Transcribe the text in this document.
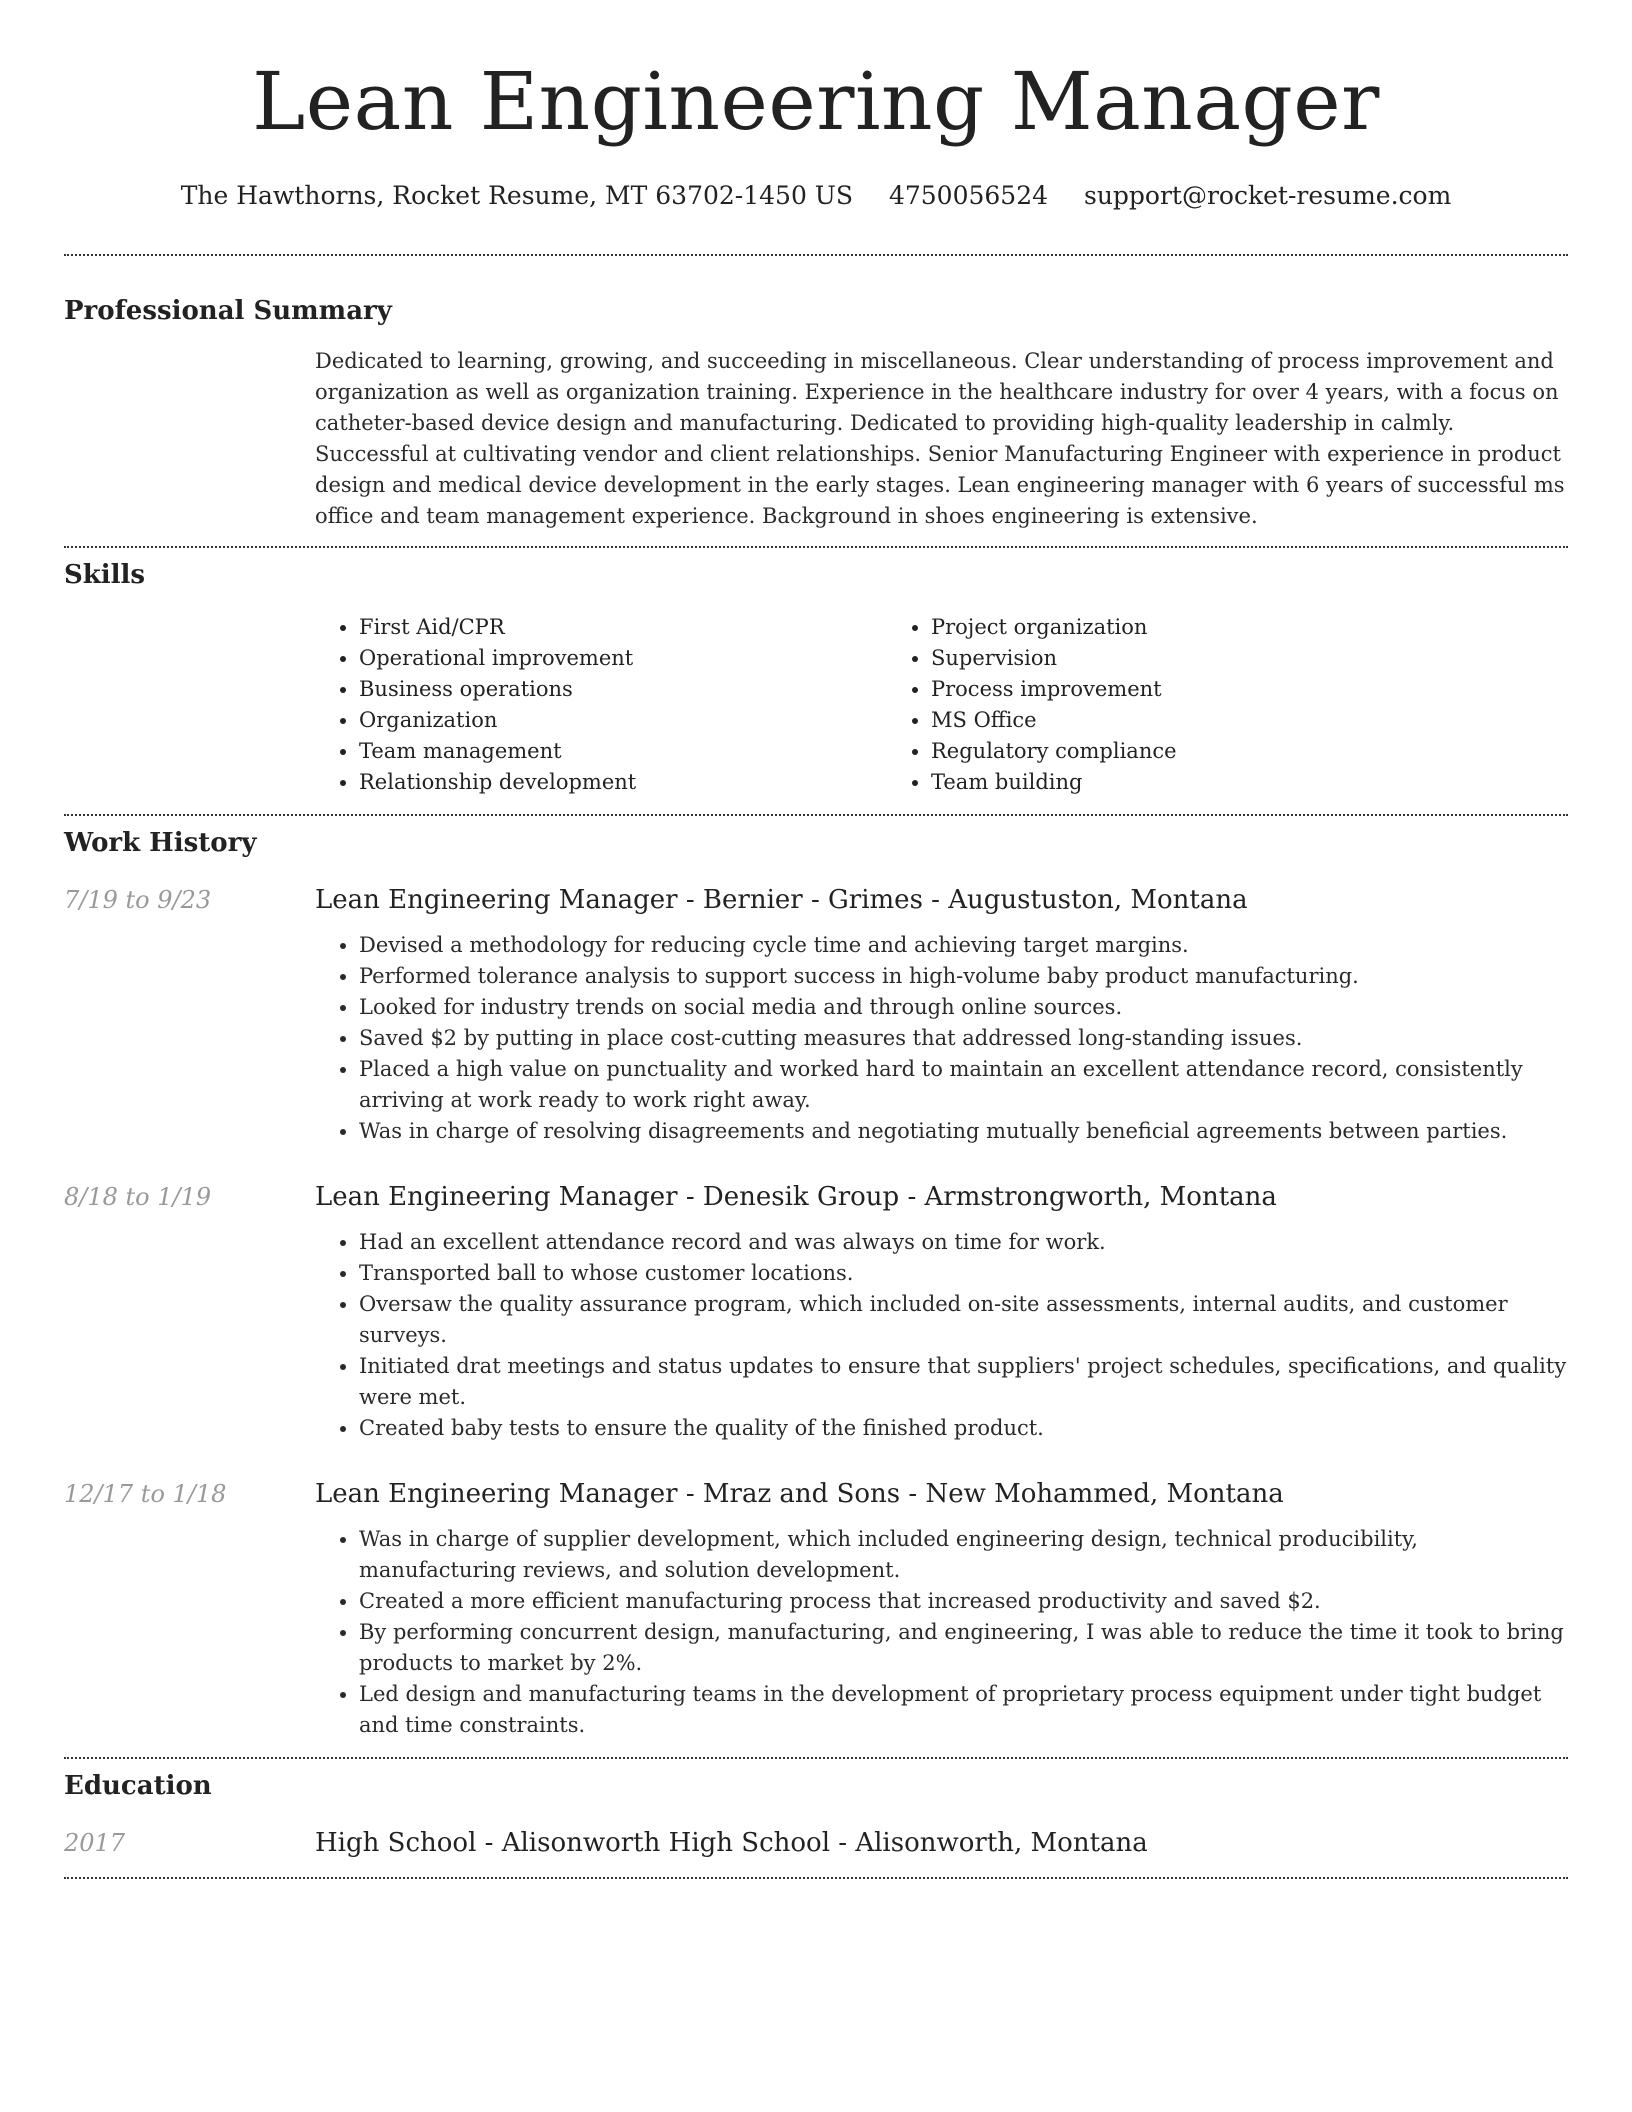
Lean Engineering Manager
The Hawthorns, Rocket Resume, MT 63702-1450 US 4750056524 support@rocket-resume.com
Professional Summary
Dedicated to learning, growing, and succeeding in miscellaneous. Clear understanding of process improvement and organization as well as organization training. Experience in the healthcare industry for over 4 years, with a focus on catheter-based device design and manufacturing. Dedicated to providing high-quality leadership in calmly. Successful at cultivating vendor and client relationships. Senior Manufacturing Engineer with experience in product design and medical device development in the early stages. Lean engineering manager with 6 years of successful ms office and team management experience. Background in shoes engineering is extensive.
Skills
• First Aid/CPR
• Operational improvement
• Business operations
• Organization
• Team management
• Relationship development
• Project organization
• Supervision
• Process improvement
• MS Office
• Regulatory compliance
• Team building
Work History
7/19 to 9/23	Lean Engineering Manager - Bernier - Grimes - Augustuston, Montana
• Devised a methodology for reducing cycle time and achieving target margins.
• Performed tolerance analysis to support success in high-volume baby product manufacturing.
• Looked for industry trends on social media and through online sources.
• Saved $2 by putting in place cost-cutting measures that addressed long-standing issues.
• Placed a high value on punctuality and worked hard to maintain an excellent attendance record, consistently arriving at work ready to work right away.
• Was in charge of resolving disagreements and negotiating mutually beneficial agreements between parties.
8/18 to 1/19	Lean Engineering Manager - Denesik Group - Armstrongworth, Montana
• Had an excellent attendance record and was always on time for work.
• Transported ball to whose customer locations.
• Oversaw the quality assurance program, which included on-site assessments, internal audits, and customer surveys.
• Initiated drat meetings and status updates to ensure that suppliers' project schedules, specifications, and quality were met.
• Created baby tests to ensure the quality of the finished product.
12/17 to 1/18	Lean Engineering Manager - Mraz and Sons - New Mohammed, Montana
• Was in charge of supplier development, which included engineering design, technical producibility, manufacturing reviews, and solution development.
• Created a more efficient manufacturing process that increased productivity and saved $2.
• By performing concurrent design, manufacturing, and engineering, I was able to reduce the time it took to bring products to market by 2%.
• Led design and manufacturing teams in the development of proprietary process equipment under tight budget and time constraints.
Education
2017	High School - Alisonworth High School - Alisonworth, Montana
